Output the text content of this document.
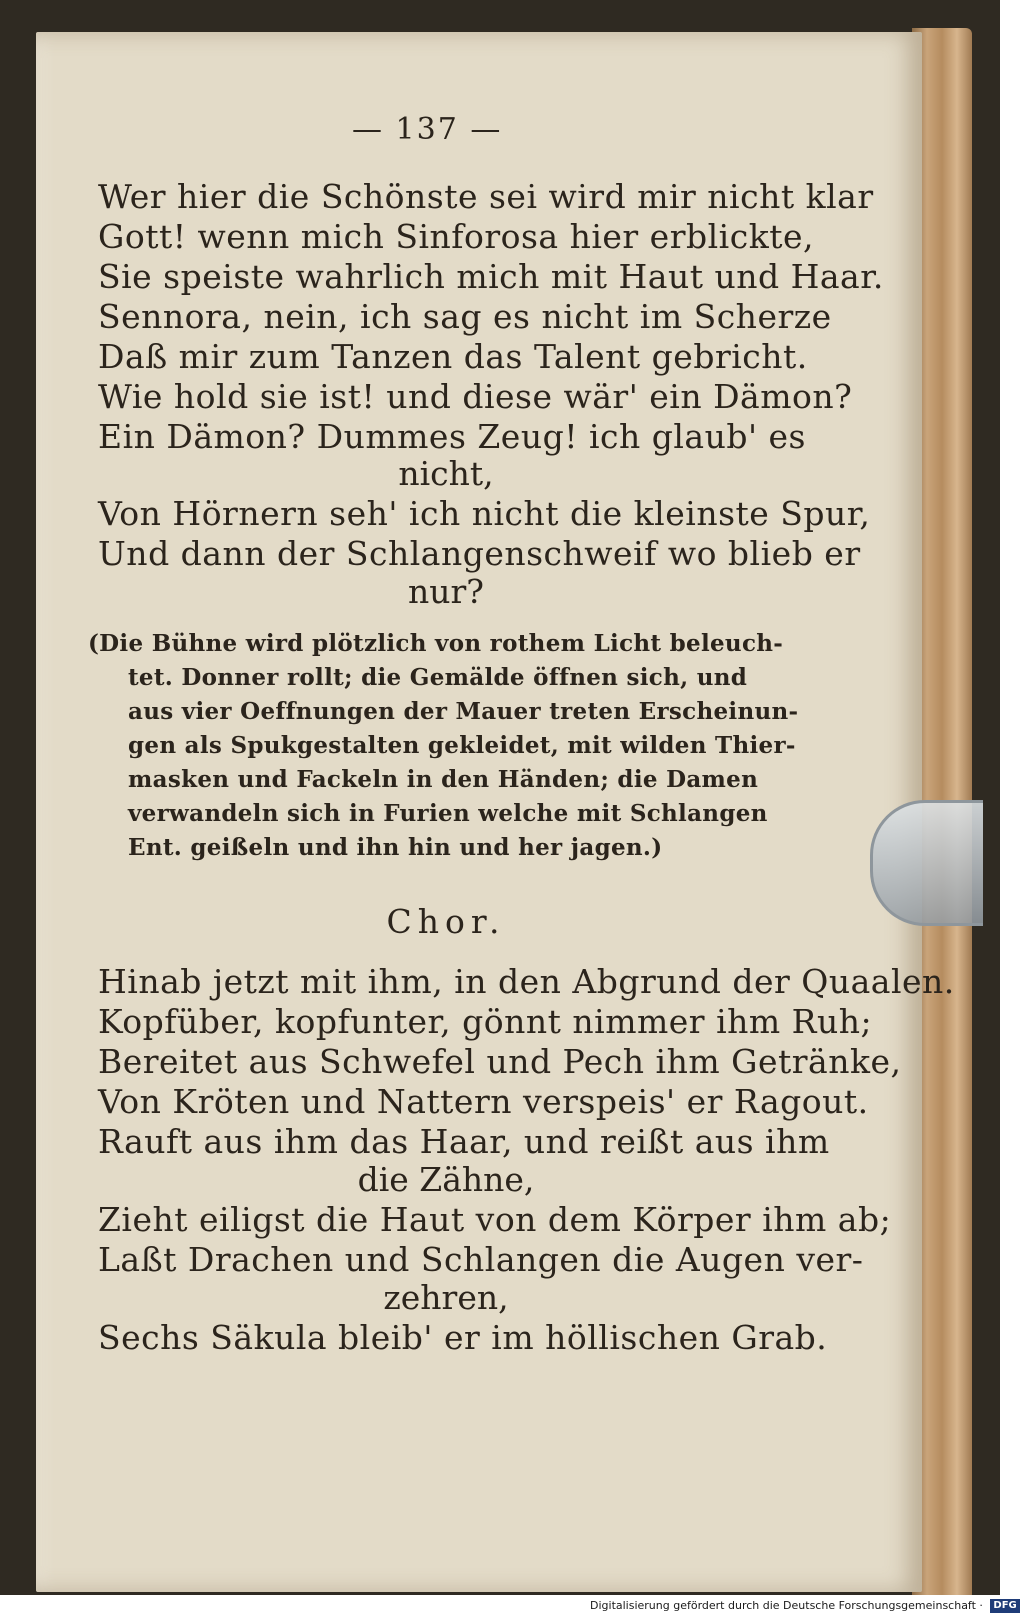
— 137 —
Wer hier die Schönste sei wird mir nicht klar
Gott! wenn mich Sinforosa hier erblickte,
Sie speiste wahrlich mich mit Haut und Haar.
Sennora, nein, ich sag es nicht im Scherze
Daß mir zum Tanzen das Talent gebricht.
Wie hold sie ist! und diese wär' ein Dämon?
Ein Dämon? Dummes Zeug! ich glaub' es
nicht,
Von Hörnern seh' ich nicht die kleinste Spur,
Und dann der Schlangenschweif wo blieb er
nur?
(Die Bühne wird plötzlich von rothem Licht beleuch-
tet. Donner rollt; die Gemälde öffnen sich, und
aus vier Oeffnungen der Mauer treten Erscheinun-
gen als Spukgestalten gekleidet, mit wilden Thier-
masken und Fackeln in den Händen; die Damen
verwandeln sich in Furien welche mit Schlangen
Ent. geißeln und ihn hin und her jagen.)
Chor.
Hinab jetzt mit ihm, in den Abgrund der Quaalen.
Kopfüber, kopfunter, gönnt nimmer ihm Ruh;
Bereitet aus Schwefel und Pech ihm Getränke,
Von Kröten und Nattern verspeis' er Ragout.
Rauft aus ihm das Haar, und reißt aus ihm
die Zähne,
Zieht eiligst die Haut von dem Körper ihm ab;
Laßt Drachen und Schlangen die Augen ver-
zehren,
Sechs Säkula bleib' er im höllischen Grab.
Digitalisierung gefördert durch die Deutsche Forschungsgemeinschaft · DFG
